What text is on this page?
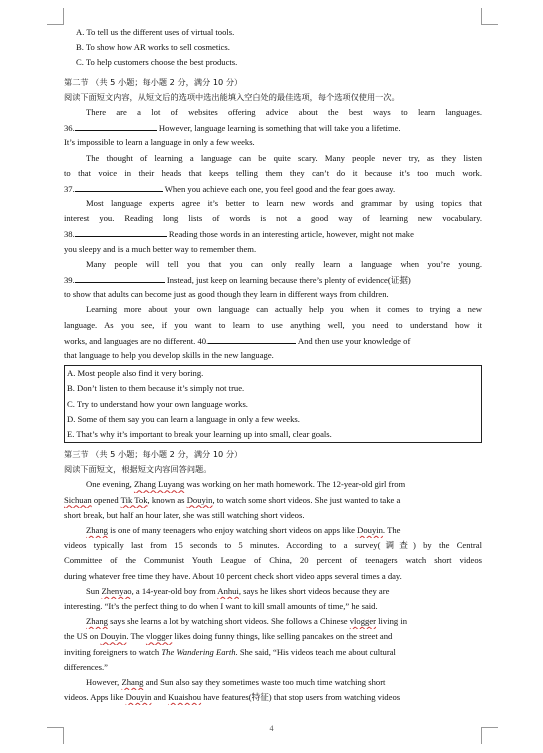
A. To tell us the different uses of virtual tools.
B. To show how AR works to sell cosmetics.
C. To help customers choose the best products.
第二节 （共 5 小题；每小题 2 分，满分 10 分）
阅读下面短文内容，从短文后的选项中选出能填入空白处的最佳选项，每个选项仅使用一次。
There are a lot of websites offering advice about the best ways to learn languages.
36.	However, language learning is something that will take you a lifetime.
It’s impossible to learn a language in only a few weeks.
The thought of learning a language can be quite scary. Many people never try, as they listen
to that voice in their heads that keeps telling them they can’t do it because it’s too much work.
37.	When you achieve each one, you feel good and the fear goes away.
Most language experts agree it’s better to learn new words and grammar by using topics that
interest you. Reading long lists of words is not a good way of learning new vocabulary.
38.	Reading those words in an interesting article, however, might not make
you sleepy and is a much better way to remember them.
Many people will tell you that you can only really learn a language when you’re young.
39.	Instead, just keep on learning because there’s plenty of evidence(证据)
to show that adults can become just as good though they learn in different ways from children.
Learning more about your own language can actually help you when it comes to trying a new
language. As you see, if you want to learn to use anything well, you need to understand how it
works, and languages are no different. 40.	And then use your knowledge of
that language to help you develop skills in the new language.
A. Most people also find it very boring.
B. Don’t listen to them because it’s simply not true.
C. Try to understand how your own language works.
D. Some of them say you can learn a language in only a few weeks.
E. That’s why it’s important to break your learning up into small, clear goals.
第三节 （共 5 小题；每小题 2 分，满分 10 分）
阅读下面短文，根据短文内容回答问题。
One evening, Zhang Luyang was working on her math homework. The 12-year-old girl from
Sichuan opened Tik Tok, known as Douyin, to watch some short videos. She just wanted to take a
short break, but half an hour later, she was still watching short videos.
Zhang is one of many teenagers who enjoy watching short videos on apps like Douyin. The
videos typically last from 15 seconds to 5 minutes. According to a survey(调查) by the Central
Committee of the Communist Youth League of China, 20 percent of teenagers watch short videos
during whatever free time they have. About 10 percent check short video apps several times a day.
Sun Zhenyao, a 14-year-old boy from Anhui, says he likes short videos because they are
interesting. “It’s the perfect thing to do when I want to kill small amounts of time,” he said.
Zhang says she learns a lot by watching short videos. She follows a Chinese vlogger living in
the US on Douyin. The vlogger likes doing funny things, like selling pancakes on the street and
inviting foreigners to watch The Wandering Earth. She said, “His videos teach me about cultural
differences.”
However, Zhang and Sun also say they sometimes waste too much time watching short
videos. Apps like Douyin and Kuaishou have features(特征) that stop users from watching videos
4
